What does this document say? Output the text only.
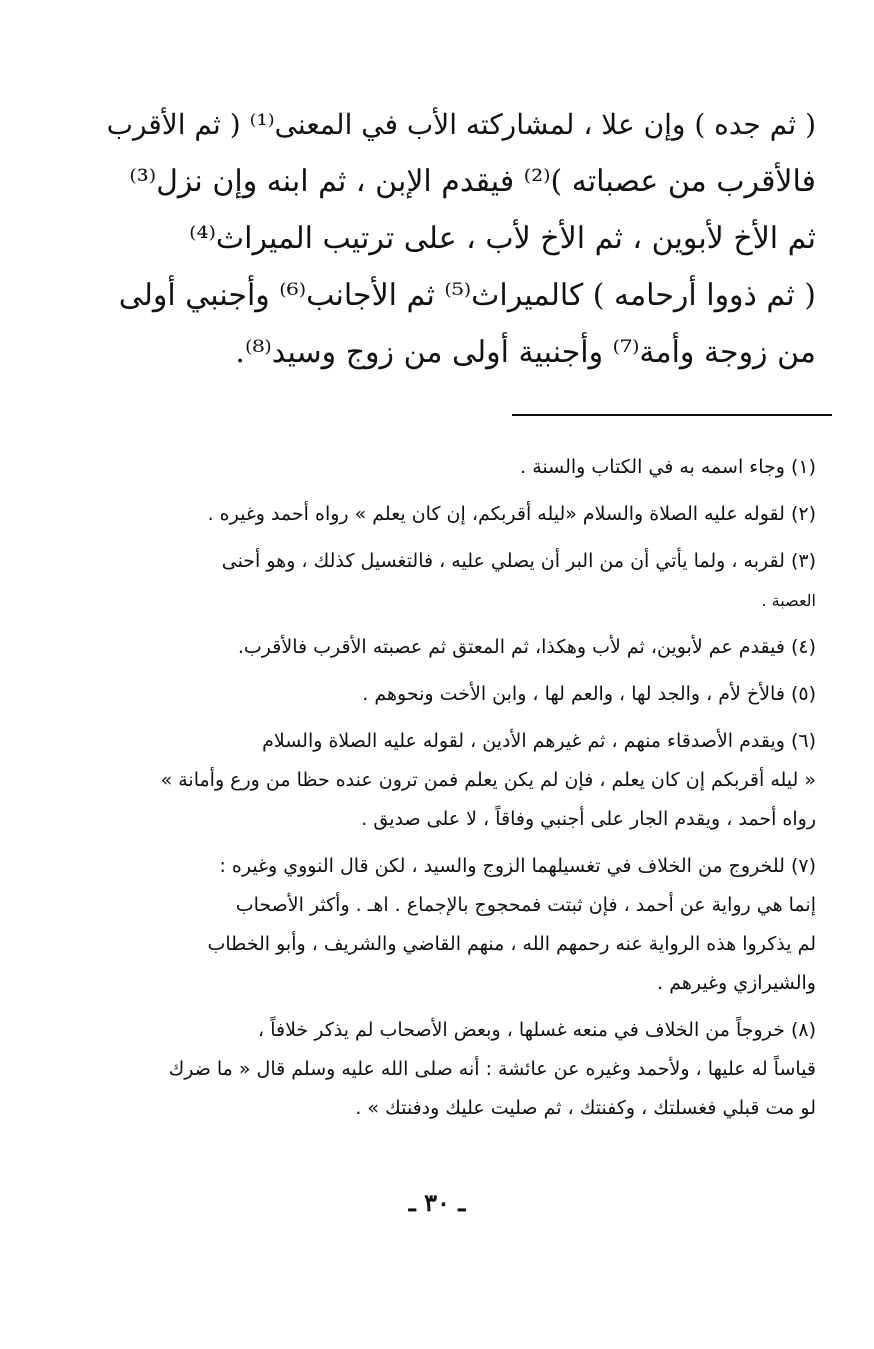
( ثم جده ) وإن علا ، لمشاركته الأب في المعنى⁽¹⁾ ( ثم الأقرب
فالأقرب من عصباته )⁽²⁾ فيقدم الإبن ، ثم ابنه وإن نزل⁽³⁾
ثم الأخ لأبوين ، ثم الأخ لأب ، على ترتيب الميراث⁽⁴⁾
( ثم ذووا أرحامه ) كالميراث⁽⁵⁾ ثم الأجانب⁽⁶⁾ وأجنبي أولى
من زوجة وأمة⁽⁷⁾ وأجنبية أولى من زوج وسيد⁽⁸⁾.
(١) وجاء اسمه به في الكتاب والسنة .
(٢) لقوله عليه الصلاة والسلام «ليله أقربكم، إن كان يعلم » رواه أحمد وغيره .
(٣) لقربه ، ولما يأتي أن من البر أن يصلي عليه ، فالتغسيل كذلك ، وهو أحنى
العصبة .
(٤) فيقدم عم لأبوين، ثم لأب وهكذا، ثم المعتق ثم عصبته الأقرب فالأقرب.
(٥) فالأخ لأم ، والجد لها ، والعم لها ، وابن الأخت ونحوهم .
(٦) ويقدم الأصدقاء منهم ، ثم غيرهم الأدين ، لقوله عليه الصلاة والسلام
« ليله أقربكم إن كان يعلم ، فإن لم يكن يعلم فمن ترون عنده حظا من ورع وأمانة »
رواه أحمد ، ويقدم الجار على أجنبي وفاقاً ، لا على صديق .
(٧) للخروج من الخلاف في تغسيلهما الزوج والسيد ، لكن قال النووي وغيره :
إنما هي رواية عن أحمد ، فإن ثبتت فمحجوج بالإجماع . اهـ . وأكثر الأصحاب
لم يذكروا هذه الرواية عنه رحمهم الله ، منهم القاضي والشريف ، وأبو الخطاب
والشيرازي وغيرهم .
(٨) خروجاً من الخلاف في منعه غسلها ، وبعض الأصحاب لم يذكر خلافاً ،
قياساً له عليها ، ولأحمد وغيره عن عائشة : أنه صلى الله عليه وسلم قال « ما ضرك
لو مت قبلي فغسلتك ، وكفنتك ، ثم صليت عليك ودفنتك » .
ـ ٣٠ ـ
